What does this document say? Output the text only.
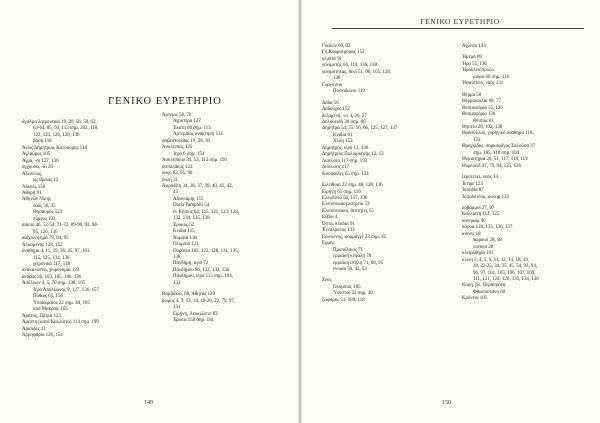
ΓΕΝΙΚΟ ΕΥΡΕΤΗΡΙΟ
ΓΕΝΙΚΟ ΕΥΡΕΤΗΡΙΟ
άγαλμα λατρευτικό 19, 20, 56, 58, 62,
63-64, 85, 93, 113 σημ. 202, 118,
122, 123, 126, 128, 136
βάση 118
Άγιος Δημήτριος Κατσούρης 118
Άγλαυρος 105
Άγρα, -αι 127, 136
άγχουσα, -αι 20
Αδώνειος,
ως θρείας 12
Άδωνις 136
Άθηρή 91
Άθηνών Νίκης
ναός 56, 35
Θησαυρός 123
πύργος 133
αιδοίο 46, 52-54, 71-72, 89-90, 92, 94-
95, 126, 136
αισχολόγημα 79, 84, 95
Άλκαμένης 128, 152
άνάθημα 4, 11, 19, 36, 45, 97, 101,
115, 125, 134, 136
χειρονικά 117, 118
άνακαλύπτω, χειρονομία 123
άνδρας 26, 103, 105, 106, 136
Άπόλλων 4, 5, 70 σημ. 138, 105
Ίερό Άπόλλωνος 9, 127, 136, 157
Πύθιος 65, 156
Ύποακραίος 22 σημ. 40, 105
από Μακραίς 105
Άρατος, Πάτρα 123
Άρέστη (κατά Καλλίστα) 114 σημ. 199
Άρισιδες 11
Άρρηφόροι 126, 154
Άρτεμις 58, 70
Άγροτέρα 127
Έκάτη 60 σημ. 113
Άρτέμιδος ανάκτηση 114
άσβεστολίθος 19, 28, 30
Άσκληπιός 125
Ίερό 6 σημ. 154
Άσκληπιείο 34, 53, 113 σημ. 193
άσπαλάκος 123
αυγό 82, 95, 96
αυλή 31
Άφροδίτη 34, 36, 37, 39, 40, 41, 42,
43
Άδωνιάρης 115
Doria Pamphili 54
έν Κήποις 64, 115, 121, 123, 128,
132, 134, 135, 138
Έρυκος 52
Κνιδία 115
Νυμφία 138
Όλυμπία 121
Ούρανία 102, 122, 128, 131, 135,
138
Πανδήμη, ιερό 72
Πανδήμου 96, 132, 133, 138
Πανδήμου, ιερό 113 σημ. 193,
133
Βαμβάκιο, 68, Άθηνάς 120
βωμός 4, 9, 13, 14, 19-20, 22, 79, 97,
131
Ειρήνη, Λευκώλενε 82
Έρωτα 158 σημ. 181
Γύαλον 60, 83
Γή Κουροτρόφος 152
γλυπτά 91
γονιμότης 64, 114, 136, 138
γονιμότητας, θεοί 51, 96, 105, 128,
138
Γοργόνειο
Ποσειδώνιο 119
Δάδα 56
Δαδούχος 152
δεξαμενή, -ες 4, 26, 27
Δελφοειδή 30 σημ. 80
Δήμητρα 54, 55, 56, 66, 125, 127, 137
Κνιδία 61
Χλόη 153
Δήμητρος, ιερό 13, 136
Δημήτριος Πολιορκητής 12, 13
Διονύσιο 117 σημ. 193
Διόνυσος 117
διοσφαϊδες 65 σημ. 124
Ειλείθυια 22 σημ. 40, 128, 136
Ειρήνη 61 σημ. 116
Ελευσίνια 56, 117, 136
Ελευσινιακή λατρεία 53
Ελευσινιακοί, θεότητες 55
Εύβοι 4
Όστα, κλαδιά 91
Ένταλματος 133
Ερινύενος, φορμάγγε 23 σημ. 45
Ερμής
Προπύλαιος 71
ερμαϊκή κεφαλή 70
ερμαϊκή στήλη 71, 88, 95
ενεφαι 58, 43, 53
Ζεύς
Όλύμπιος 105
Ύψιστος 22 σημ. 40
ζώφορος 51, 109, 118
Άγρίνιο 133
Ήμερά 69
Ήρα 55, 136
Ήρακλειόπουλο
μικρό 60 σημ. 116
Ήφαίστειο, ναός 131
Θέρμα 58
Θερμοκοιλία 68, 77
Θεσμοφόρια 55, 126
Θεσμοφόριο 136
Θέσπια 61
Θησείο 28, 102, 138
Θρασύλλου, χορηγικό ανάθημα 118,
133
Θραγκιδος, σαρκοφάγος Σαλούσα 37
σημ. 105, 118 σημ. 104
Θυμιατήρια 20, 51, 117, 118, 119
Θυρεοειδ 47, 79, 94, 125, 126
Ιεροτελεί, ναός 13
Ίκτιρε 123
Ίσσεδία 87
Ίσποδοτέου, φυλημ 132
καθαρμοί 27, 97
Καλλίστη 114, 125
κανηφόρ 90
κάρυα 128, 135, 136, 137
κίονες 18
δωρικοί 28, 98
ιωνικοί 28
κλειροθήρα 101
κλίνη 3, 4, 5, 9, 11, 12, 14, 18, 19,
20, 22-25, 34, 35, 45, 54, 93, 94,
96, 97, 101, 105, 106, 107, 109,
111, 121, 124, 126, 135, 134, 138
Κόρη, βλ. Περσεφόνη
Φθωαποτάνη 60
Κρόνεια 105
149	150
